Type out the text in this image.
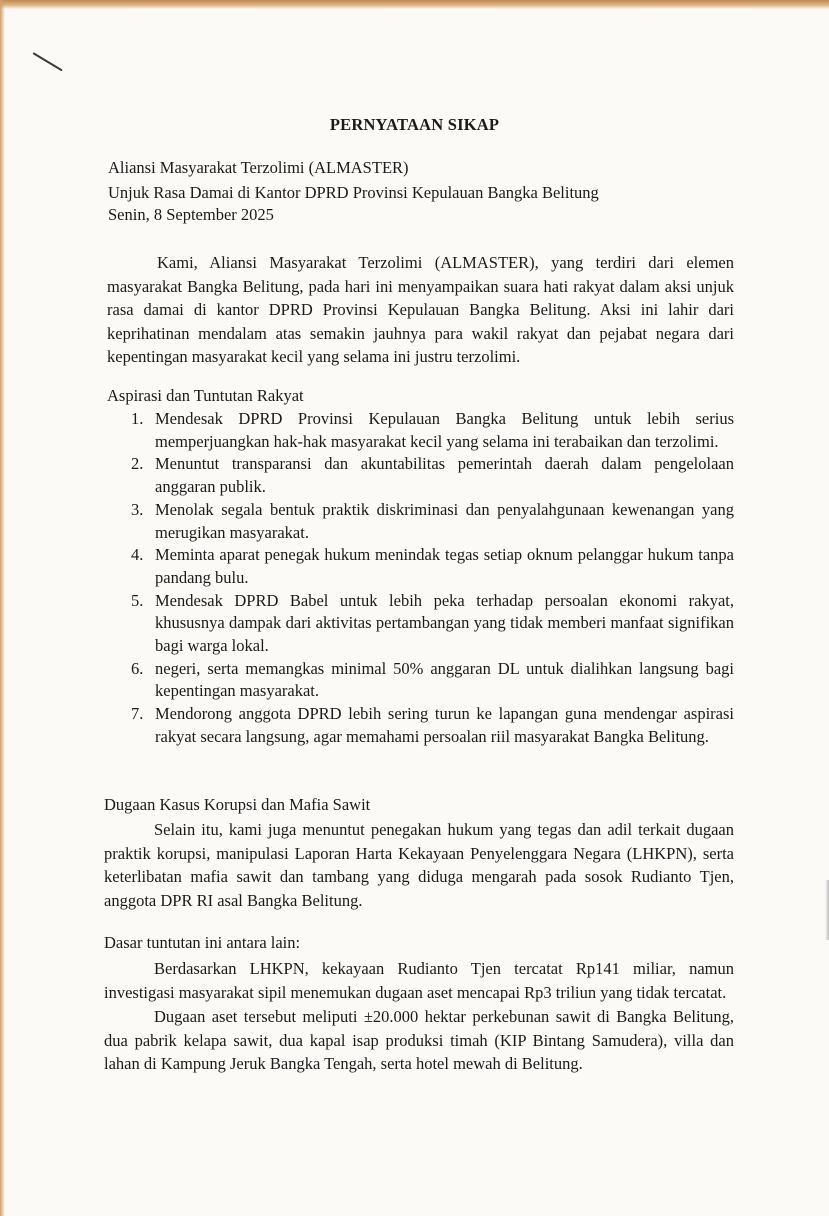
PERNYATAAN SIKAP
Aliansi Masyarakat Terzolimi (ALMASTER)
Unjuk Rasa Damai di Kantor DPRD Provinsi Kepulauan Bangka Belitung
Senin, 8 September 2025

Kami, Aliansi Masyarakat Terzolimi (ALMASTER), yang terdiri dari elemen masyarakat Bangka Belitung, pada hari ini menyampaikan suara hati rakyat dalam aksi unjuk rasa damai di kantor DPRD Provinsi Kepulauan Bangka Belitung. Aksi ini lahir dari keprihatinan mendalam atas semakin jauhnya para wakil rakyat dan pejabat negara dari kepentingan masyarakat kecil yang selama ini justru terzolimi.

Aspirasi dan Tuntutan Rakyat
1. Mendesak DPRD Provinsi Kepulauan Bangka Belitung untuk lebih serius memperjuangkan hak-hak masyarakat kecil yang selama ini terabaikan dan terzolimi.
2. Menuntut transparansi dan akuntabilitas pemerintah daerah dalam pengelolaan anggaran publik.
3. Menolak segala bentuk praktik diskriminasi dan penyalahgunaan kewenangan yang merugikan masyarakat.
4. Meminta aparat penegak hukum menindak tegas setiap oknum pelanggar hukum tanpa pandang bulu.
5. Mendesak DPRD Babel untuk lebih peka terhadap persoalan ekonomi rakyat, khususnya dampak dari aktivitas pertambangan yang tidak memberi manfaat signifikan bagi warga lokal.
6. negeri, serta memangkas minimal 50% anggaran DL untuk dialihkan langsung bagi kepentingan masyarakat.
7. Mendorong anggota DPRD lebih sering turun ke lapangan guna mendengar aspirasi rakyat secara langsung, agar memahami persoalan riil masyarakat Bangka Belitung.
Dugaan Kasus Korupsi dan Mafia Sawit

Selain itu, kami juga menuntut penegakan hukum yang tegas dan adil terkait dugaan praktik korupsi, manipulasi Laporan Harta Kekayaan Penyelenggara Negara (LHKPN), serta keterlibatan mafia sawit dan tambang yang diduga mengarah pada sosok Rudianto Tjen, anggota DPR RI asal Bangka Belitung.

Dasar tuntutan ini antara lain:

Berdasarkan LHKPN, kekayaan Rudianto Tjen tercatat Rp141 miliar, namun investigasi masyarakat sipil menemukan dugaan aset mencapai Rp3 triliun yang tidak tercatat.

Dugaan aset tersebut meliputi ±20.000 hektar perkebunan sawit di Bangka Belitung, dua pabrik kelapa sawit, dua kapal isap produksi timah (KIP Bintang Samudera), villa dan lahan di Kampung Jeruk Bangka Tengah, serta hotel mewah di Belitung.
